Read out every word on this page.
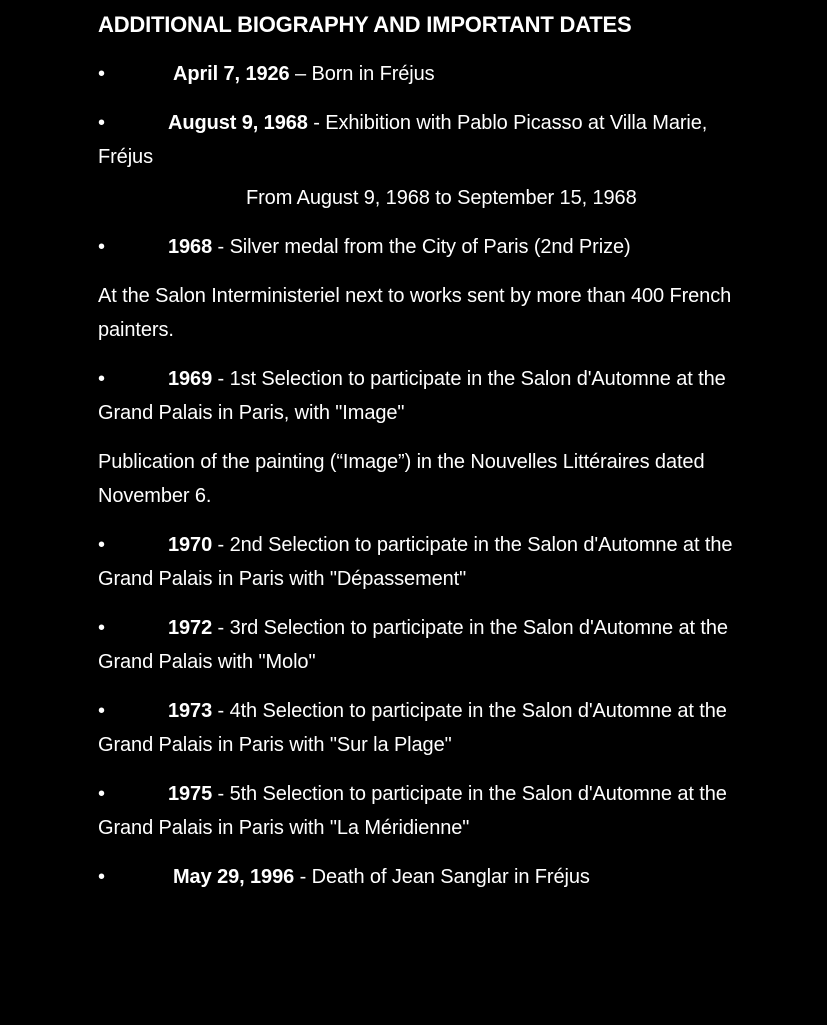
ADDITIONAL BIOGRAPHY AND IMPORTANT DATES
•	April 7, 1926 – Born in Fréjus
•	August 9, 1968 - Exhibition with Pablo Picasso at Villa Marie, Fréjus
From August 9, 1968 to September 15, 1968
•	1968 - Silver medal from the City of Paris (2nd Prize)
At the Salon Interministeriel next to works sent by more than 400 French painters.
•	1969 - 1st Selection to participate in the Salon d'Automne at the Grand Palais in Paris, with "Image"
Publication of the painting (“Image”) in the Nouvelles Littéraires dated November 6.
•	1970 - 2nd Selection to participate in the Salon d'Automne at the Grand Palais in Paris with "Dépassement"
•	1972 - 3rd Selection to participate in the Salon d'Automne at the Grand Palais with "Molo"
•	1973 - 4th Selection to participate in the Salon d'Automne at the Grand Palais in Paris with "Sur la Plage"
•	1975 - 5th Selection to participate in the Salon d'Automne at the Grand Palais in Paris with "La Méridienne"
•	May 29, 1996 - Death of Jean Sanglar in Fréjus
